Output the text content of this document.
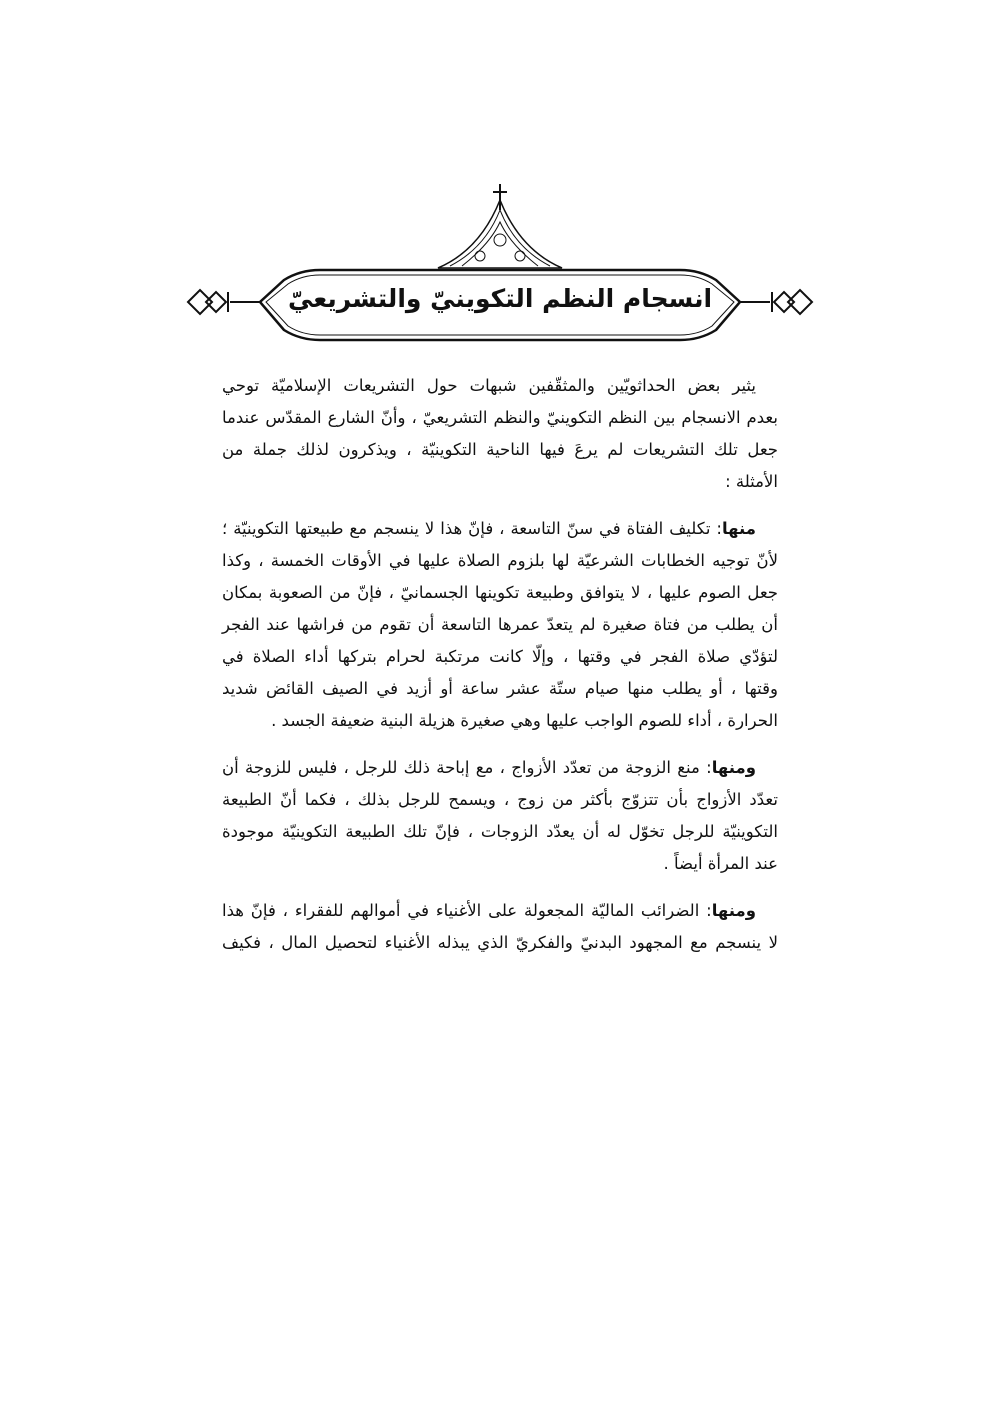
انسجام النظم التكوينيّ والتشريعيّ
يثير بعض الحداثويّين والمثقّفين شبهات حول التشريعات الإسلاميّة توحي
بعدم الانسجام بين النظم التكوينيّ والنظم التشريعيّ ، وأنّ الشارع المقدّس عندما
جعل تلك التشريعات لم يرعَ فيها الناحية التكوينيّة ، ويذكرون لذلك جملة من
الأمثلة :
منها: تكليف الفتاة في سنّ التاسعة ، فإنّ هذا لا ينسجم مع طبيعتها التكوينيّة ؛
لأنّ توجيه الخطابات الشرعيّة لها بلزوم الصلاة عليها في الأوقات الخمسة ، وكذا
جعل الصوم عليها ، لا يتوافق وطبيعة تكوينها الجسمانيّ ، فإنّ من الصعوبة بمكان
أن يطلب من فتاة صغيرة لم يتعدّ عمرها التاسعة أن تقوم من فراشها عند الفجر
لتؤدّي صلاة الفجر في وقتها ، وإلّا كانت مرتكبة لحرام بتركها أداء الصلاة في
وقتها ، أو يطلب منها صيام ستّة عشر ساعة أو أزيد في الصيف القائض شديد
الحرارة ، أداء للصوم الواجب عليها وهي صغيرة هزيلة البنية ضعيفة الجسد .
ومنها: منع الزوجة من تعدّد الأزواج ، مع إباحة ذلك للرجل ، فليس للزوجة أن
تعدّد الأزواج بأن تتزوّج بأكثر من زوج ، ويسمح للرجل بذلك ، فكما أنّ الطبيعة
التكوينيّة للرجل تخوّل له أن يعدّد الزوجات ، فإنّ تلك الطبيعة التكوينيّة موجودة
عند المرأة أيضاً .
ومنها: الضرائب الماليّة المجعولة على الأغنياء في أموالهم للفقراء ، فإنّ هذا
لا ينسجم مع المجهود البدنيّ والفكريّ الذي يبذله الأغنياء لتحصيل المال ، فكيف
